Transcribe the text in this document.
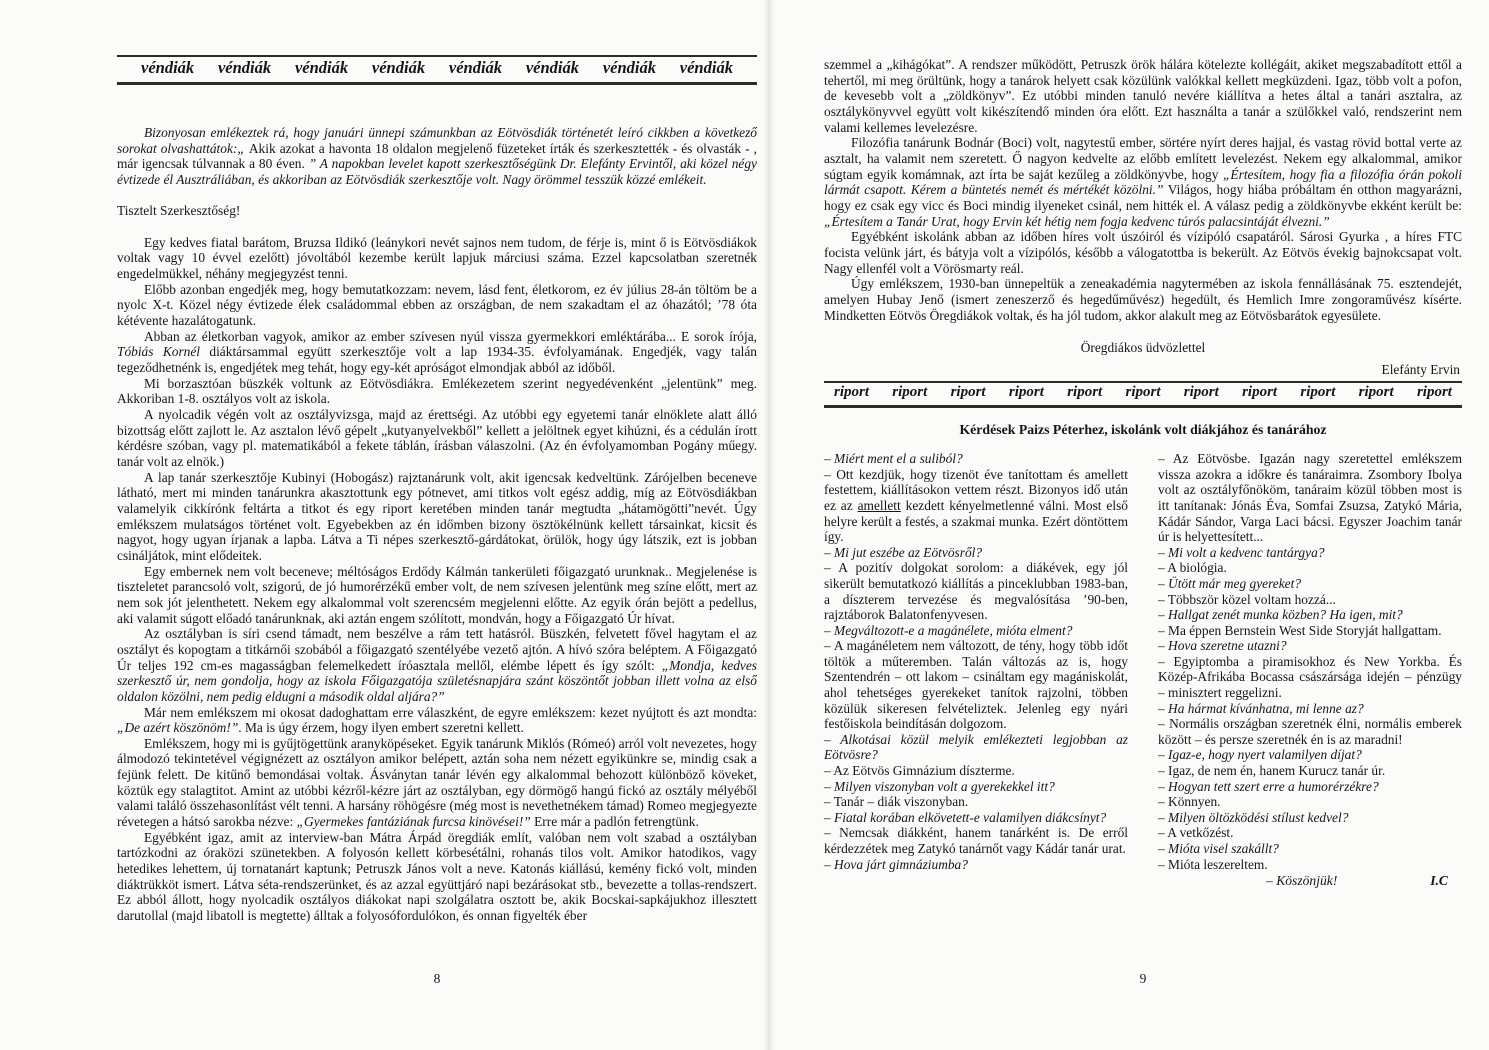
véndiák véndiák véndiák véndiák véndiák véndiák véndiák véndiák

Bizonyosan emlékeztek rá, hogy januári ünnepi számunkban az Eötvösdiák történetét leíró cikkben a következő sorokat olvashattátok:„ Akik azokat a havonta 18 oldalon megjelenő füzeteket írták és szerkesztették - és olvasták - , már igencsak túlvannak a 80 éven. ” A napokban levelet kapott szerkesztőségünk Dr. Elefánty Ervintől, aki közel négy évtizede él Ausztráliában, és akkoriban az Eötvösdiák szerkesztője volt. Nagy örömmel tesszük közzé emlékeit.

Tisztelt Szerkesztőség!

Egy kedves fiatal barátom, Bruzsa Ildikó (leánykori nevét sajnos nem tudom, de férje is, mint ő is Eötvösdiákok voltak vagy 10 évvel ezelőtt) jóvoltából kezembe került lapjuk márciusi száma. Ezzel kapcsolatban szeretnék engedelmükkel, néhány megjegyzést tenni.

Előbb azonban engedjék meg, hogy bemutatkozzam: nevem, lásd fent, életkorom, ez év július 28-án töltöm be a nyolc X-t. Közel négy évtizede élek családommal ebben az országban, de nem szakadtam el az óhazától; ’78 óta kétévente hazalátogatunk.

Abban az életkorban vagyok, amikor az ember szívesen nyúl vissza gyermekkori emléktárába... E sorok írója, Tóbiás Kornél diáktársammal együtt szerkesztője volt a lap 1934-35. évfolyamának. Engedjék, vagy talán tegeződhetnénk is, engedjétek meg tehát, hogy egy-két apróságot elmondjak abból az időből.

Mi borzasztóan büszkék voltunk az Eötvösdiákra. Emlékezetem szerint negyedévenként „jelentünk” meg. Akkoriban 1-8. osztályos volt az iskola.

A nyolcadik végén volt az osztályvizsga, majd az érettségi. Az utóbbi egy egyetemi tanár elnöklete alatt álló bizottság előtt zajlott le. Az asztalon lévő gépelt „kutyanyelvekből” kellett a jelöltnek egyet kihúzni, és a cédulán írott kérdésre szóban, vagy pl. matematikából a fekete táblán, írásban válaszolni. (Az én évfolyamomban Pogány műegy. tanár volt az elnök.)

A lap tanár szerkesztője Kubinyi (Hobogász) rajztanárunk volt, akit igencsak kedveltünk. Zárójelben beceneve látható, mert mi minden tanárunkra akasztottunk egy pótnevet, ami titkos volt egész addig, míg az Eötvösdiákban valamelyik cikkírónk feltárta a titkot és egy riport keretében minden tanár megtudta „hátamögötti”nevét. Úgy emlékszem mulatságos történet volt. Egyebekben az én időmben bizony ösztökélnünk kellett társainkat, kicsit és nagyot, hogy ugyan írjanak a lapba. Látva a Ti népes szerkesztő-gárdátokat, örülök, hogy úgy látszik, ezt is jobban csináljátok, mint elődeitek.

Egy embernek nem volt beceneve; méltóságos Erdődy Kálmán tankerületi főigazgató urunknak.. Megjelenése is tiszteletet parancsoló volt, szigorú, de jó humorérzékű ember volt, de nem szívesen jelentünk meg színe előtt, mert az nem sok jót jelenthetett. Nekem egy alkalommal volt szerencsém megjelenni előtte. Az egyik órán bejött a pedellus, aki valamit súgott előadó tanárunknak, aki aztán engem szólított, mondván, hogy a Főigazgató Úr hívat.

Az osztályban is síri csend támadt, nem beszélve a rám tett hatásról. Büszkén, felvetett fővel hagytam el az osztályt és kopogtam a titkárnői szobából a főigazgató szentélyébe vezető ajtón. A hívó szóra beléptem. A Főigazgató Úr teljes 192 cm-es magasságban felemelkedett íróasztala mellől, elémbe lépett és így szólt: „Mondja, kedves szerkesztő úr, nem gondolja, hogy az iskola Főigazgatója születésnapjára szánt köszöntőt jobban illett volna az első oldalon közölni, nem pedig eldugni a második oldal aljára?”

Már nem emlékszem mi okosat dadoghattam erre válaszként, de egyre emlékszem: kezet nyújtott és azt mondta: „De azért köszönöm!”. Ma is úgy érzem, hogy ilyen embert szeretni kellett.

Emlékszem, hogy mi is gyűjtögettünk aranyköpéseket. Egyik tanárunk Miklós (Rómeó) arról volt nevezetes, hogy álmodozó tekintetével végignézett az osztályon amikor belépett, aztán soha nem nézett egyikünkre se, mindig csak a fejünk felett. De kitűnő bemondásai voltak. Ásványtan tanár lévén egy alkalommal behozott különböző köveket, köztük egy stalagtitot. Amint az utóbbi kézről-kézre járt az osztályban, egy dörmögő hangú fickó az osztály mélyéből valami találó összehasonlítást vélt tenni. A harsány röhögésre (még most is nevethetnékem támad) Romeo megjegyezte révetegen a hátsó sarokba nézve: „Gyermekes fantáziának furcsa kinövései!” Erre már a padlón fetrengtünk.

Egyébként igaz, amit az interview-ban Mátra Árpád öregdiák említ, valóban nem volt szabad a osztályban tartózkodni az óraközi szünetekben. A folyosón kellett körbesétálni, rohanás tilos volt. Amikor hatodikos, vagy hetedikes lehettem, új tornatanárt kaptunk; Petruszk János volt a neve. Katonás kiállású, kemény fickó volt, minden diáktrükköt ismert. Látva séta-rendszerünket, és az azzal együttjáró napi bezárásokat stb., bevezette a tollas-rendszert. Ez abból állott, hogy nyolcadik osztályos diákokat napi szolgálatra osztott be, akik Bocskai-sapkájukhoz illesztett darutollal (majd libatoll is megtette) álltak a folyosófordulókon, és onnan figyelték éber

8

szemmel a „kihágókat”. A rendszer működött, Petruszk örök hálára kötelezte kollégáit, akiket megszabadított ettől a tehertől, mi meg örültünk, hogy a tanárok helyett csak közülünk valókkal kellett megküzdeni. Igaz, több volt a pofon, de kevesebb volt a „zöldkönyv”. Ez utóbbi minden tanuló nevére kiállítva a hetes által a tanári asztalra, az osztálykönyvvel együtt volt kikészítendő minden óra előtt. Ezt használta a tanár a szülőkkel való, rendszerint nem valami kellemes levelezésre.

Filozófia tanárunk Bodnár (Boci) volt, nagytestű ember, sörtére nyírt deres hajjal, és vastag rövid bottal verte az asztalt, ha valamit nem szeretett. Ő nagyon kedvelte az előbb említett levelezést. Nekem egy alkalommal, amikor súgtam egyik komámnak, azt írta be saját kezűleg a zöldkönyvbe, hogy „Értesítem, hogy fia a filozófia órán pokoli lármát csapott. Kérem a büntetés nemét és mértékét közölni.” Világos, hogy hiába próbáltam én otthon magyarázni, hogy ez csak egy vicc és Boci mindig ilyeneket csinál, nem hitték el. A válasz pedig a zöldkönyvbe ekként került be: „Értesítem a Tanár Urat, hogy Ervin két hétig nem fogja kedvenc túrós palacsintáját élvezni.”

Egyébként iskolánk abban az időben híres volt úszóiról és vízipóló csapatáról. Sárosi Gyurka , a híres FTC focista velünk járt, és bátyja volt a vízipólós, később a válogatottba is bekerült. Az Eötvös évekig bajnokcsapat volt. Nagy ellenfél volt a Vörösmarty reál.

Úgy emlékszem, 1930-ban ünnepeltük a zeneakadémia nagytermében az iskola fennállásának 75. esztendejét, amelyen Hubay Jenő (ismert zeneszerző és hegedűművész) hegedült, és Hemlich Imre zongoraművész kísérte. Mindketten Eötvös Öregdiákok voltak, és ha jól tudom, akkor alakult meg az Eötvösbarátok egyesülete.

Öregdiákos üdvözlettel

Elefánty Ervin

riport riport riport riport riport riport riport riport riport riport riport
Kérdések Paizs Péterhez, iskolánk volt diákjához és tanárához

– Miért ment el a suliból?

– Ott kezdjük, hogy tizenöt éve tanítottam és amellett festettem, kiállításokon vettem részt. Bizonyos idő után ez az amellett kezdett kényelmetlenné válni. Most első helyre került a festés, a szakmai munka. Ezért döntöttem így.

– Mi jut eszébe az Eötvösről?

– A pozitív dolgokat sorolom: a diákévek, egy jól sikerült bemutatkozó kiállítás a pinceklubban 1983-ban, a díszterem tervezése és megvalósítása ’90-ben, rajztáborok Balatonfenyvesen.

– Megváltozott-e a magánélete, mióta elment?

– A magánéletem nem változott, de tény, hogy több időt töltök a műteremben. Talán változás az is, hogy Szentendrén – ott lakom – csináltam egy magániskolát, ahol tehetséges gyerekeket tanítok rajzolni, többen közülük sikeresen felvételiztek. Jelenleg egy nyári festőiskola beindításán dolgozom.

– Alkotásai közül melyik emlékezteti legjobban az Eötvösre?

– Az Eötvös Gimnázium díszterme.

– Milyen viszonyban volt a gyerekekkel itt?

– Tanár – diák viszonyban.

– Fiatal korában elkövetett-e valamilyen diákcsínyt?

– Nemcsak diákként, hanem tanárként is. De erről kérdezzétek meg Zatykó tanárnőt vagy Kádár tanár urat.

– Hova járt gimnáziumba?

– Az Eötvösbe. Igazán nagy szeretettel emlékszem vissza azokra a időkre és tanáraimra. Zsombory Ibolya volt az osztályfőnököm, tanáraim közül többen most is itt tanítanak: Jónás Éva, Somfai Zsuzsa, Zatykó Mária, Kádár Sándor, Varga Laci bácsi. Egyszer Joachim tanár úr is helyettesített...

– Mi volt a kedvenc tantárgya?

– A biológia.

– Ütött már meg gyereket?

– Többször közel voltam hozzá...

– Hallgat zenét munka közben? Ha igen, mit?

– Ma éppen Bernstein West Side Storyját hallgattam.

– Hova szeretne utazni?

– Egyiptomba a piramisokhoz és New Yorkba. És Közép-Afrikába Bocassa császársága idején – pénzügy – minisztert reggelizni.

– Ha hármat kívánhatna, mi lenne az?

– Normális országban szeretnék élni, normális emberek között – és persze szeretnék én is az maradni!

– Igaz-e, hogy nyert valamilyen díjat?

– Igaz, de nem én, hanem Kurucz tanár úr.

– Hogyan tett szert erre a humorérzékre?

– Könnyen.

– Milyen öltözködési stílust kedvel?

– A vetkőzést.

– Mióta visel szakállt?

– Mióta leszereltem.

– Köszönjük!	I.C
9
